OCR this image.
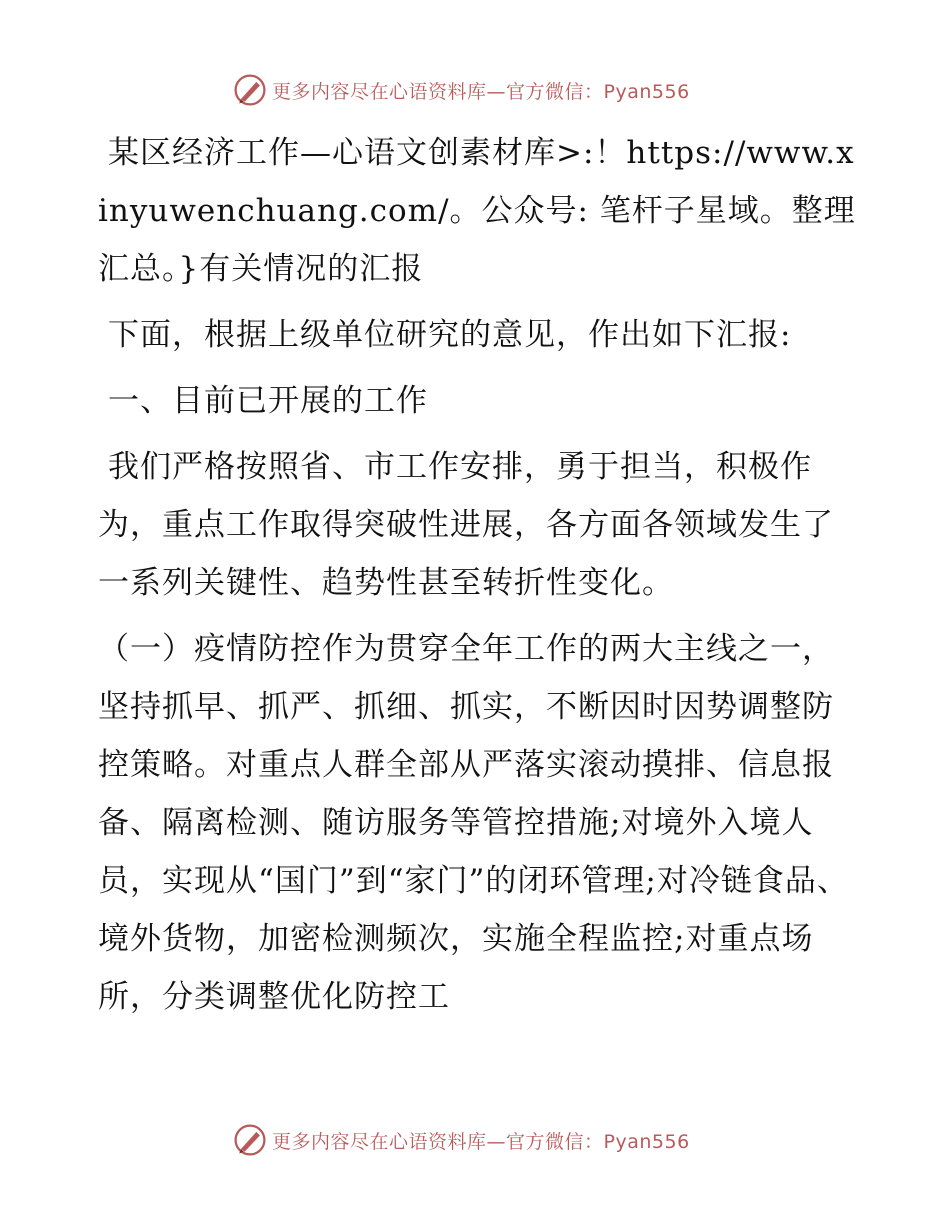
更多内容尽在心语资料库—官方微信：Pyan556

某区经济工作—心语文创素材库>:！https://www.xinyuwenchuang.com/。公众号: 笔杆子星域。整理汇总。}有关情况的汇报

下面，根据上级单位研究的意见，作出如下汇报:

一、目前已开展的工作

我们严格按照省、市工作安排，勇于担当，积极作为，重点工作取得突破性进展，各方面各领域发生了一系列关键性、趋势性甚至转折性变化。

（一）疫情防控作为贯穿全年工作的两大主线之一，坚持抓早、抓严、抓细、抓实，不断因时因势调整防控策略。对重点人群全部从严落实滚动摸排、信息报备、隔离检测、随访服务等管控措施;对境外入境人员，实现从“国门”到“家门”的闭环管理;对冷链食品、境外货物，加密检测频次，实施全程监控;对重点场所，分类调整优化防控工

更多内容尽在心语资料库—官方微信：Pyan556
